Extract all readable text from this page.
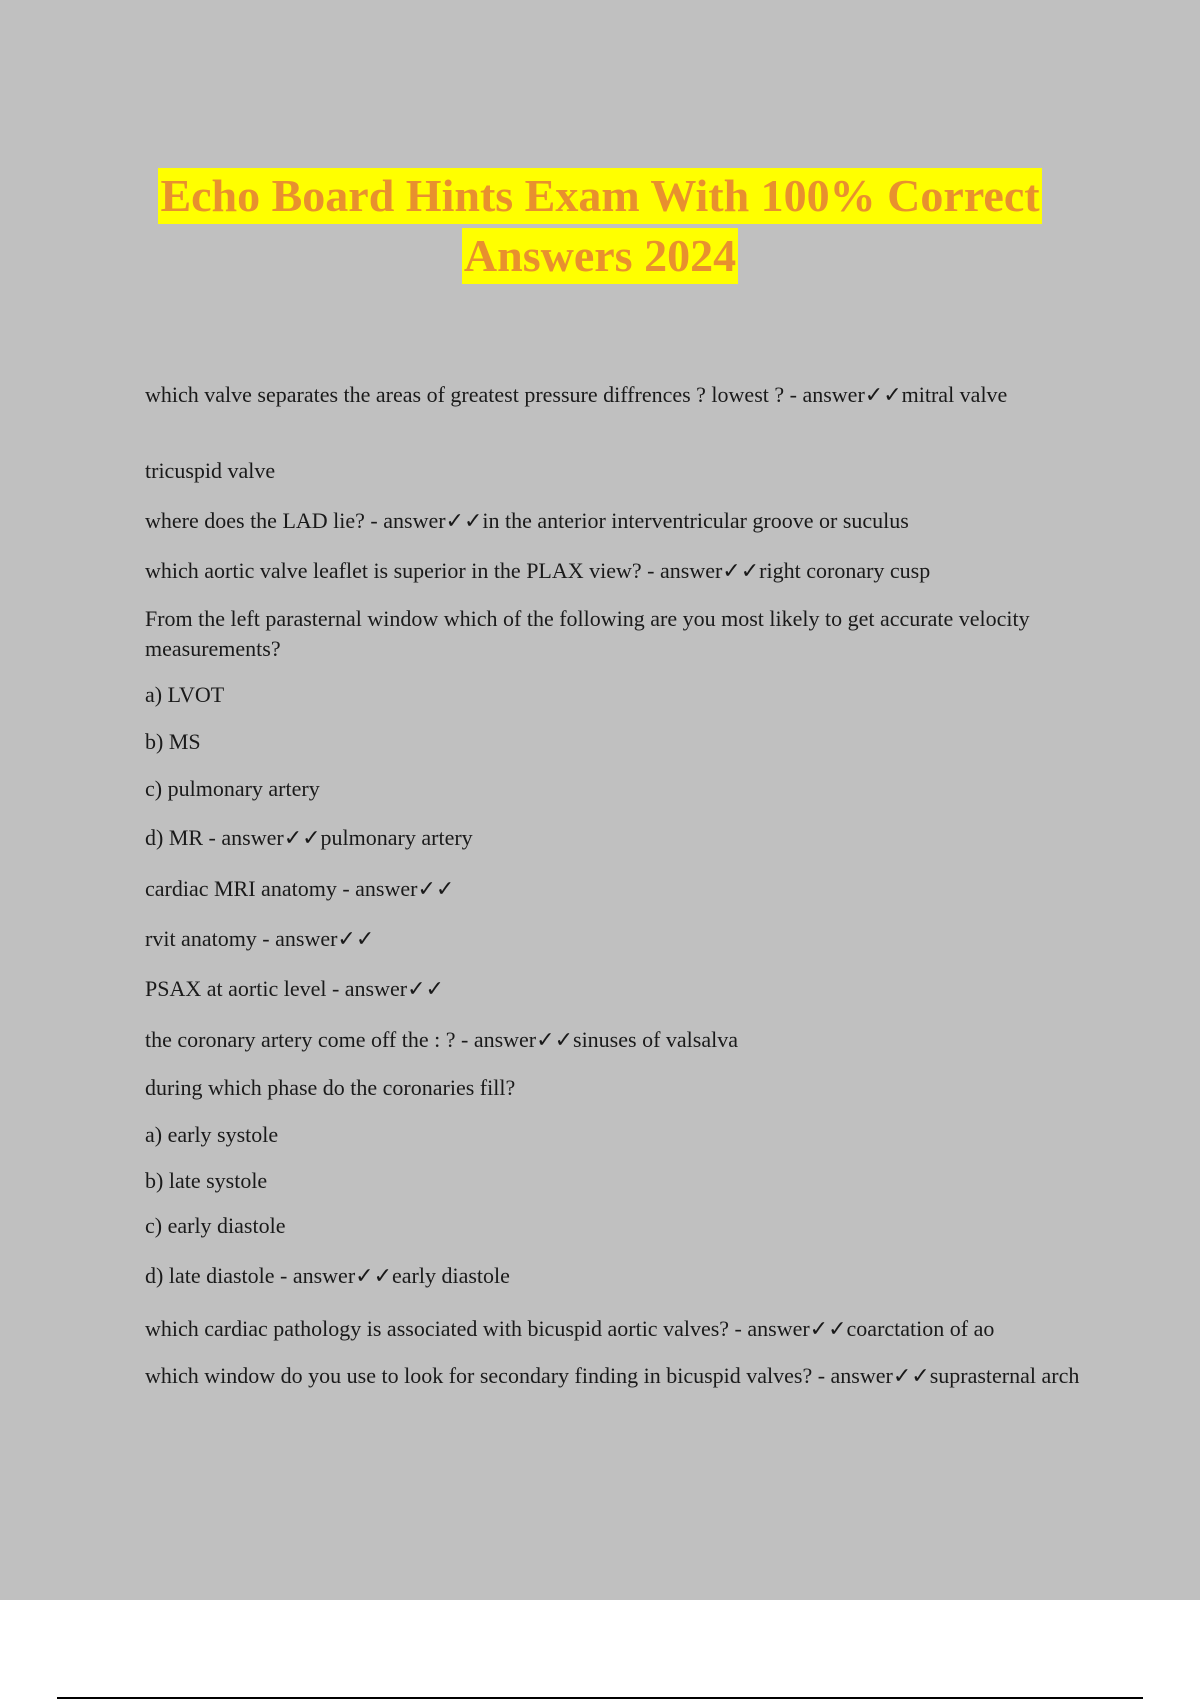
Echo Board Hints Exam With 100% Correct
Answers 2024
which valve separates the areas of greatest pressure diffrences ? lowest ? - answer✓✓mitral valve
tricuspid valve
where does the LAD lie? - answer✓✓in the anterior interventricular groove or suculus
which aortic valve leaflet is superior in the PLAX view? - answer✓✓right coronary cusp
From the left parasternal window which of the following are you most likely to get accurate velocity measurements?
a) LVOT
b) MS
c) pulmonary artery
d) MR - answer✓✓pulmonary artery
cardiac MRI anatomy - answer✓✓
rvit anatomy - answer✓✓
PSAX at aortic level - answer✓✓
the coronary artery come off the : ? - answer✓✓sinuses of valsalva
during which phase do the coronaries fill?
a) early systole
b) late systole
c) early diastole
d) late diastole - answer✓✓early diastole
which cardiac pathology is associated with bicuspid aortic valves? - answer✓✓coarctation of ao
which window do you use to look for secondary finding in bicuspid valves? - answer✓✓suprasternal arch
